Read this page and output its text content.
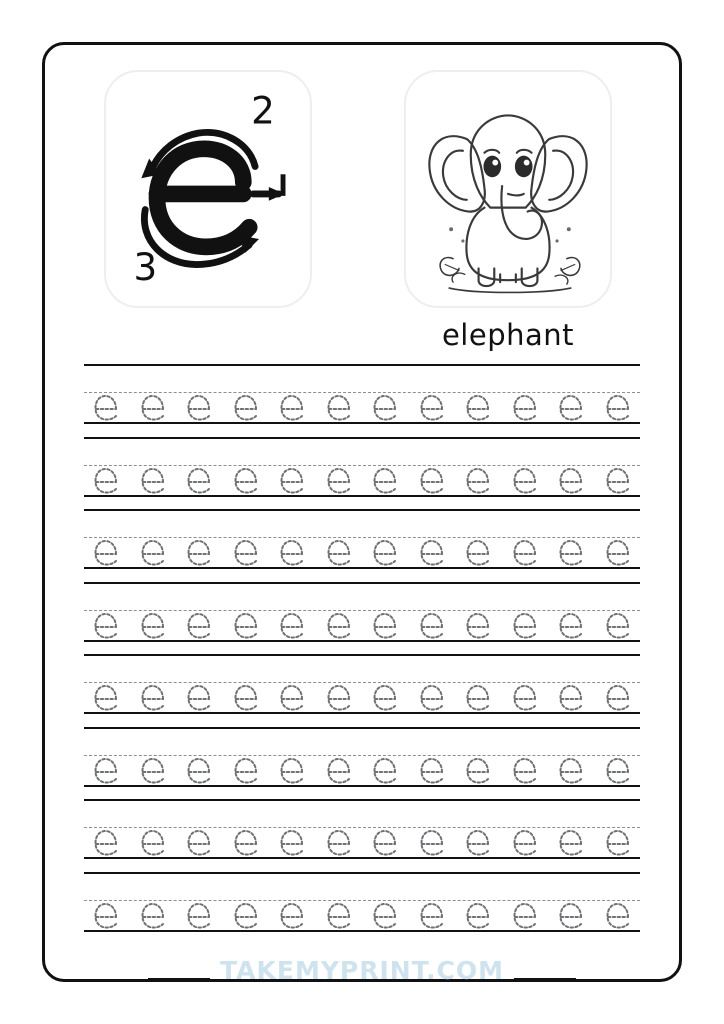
2
3
elephant
TAKEMYPRINT.COM
